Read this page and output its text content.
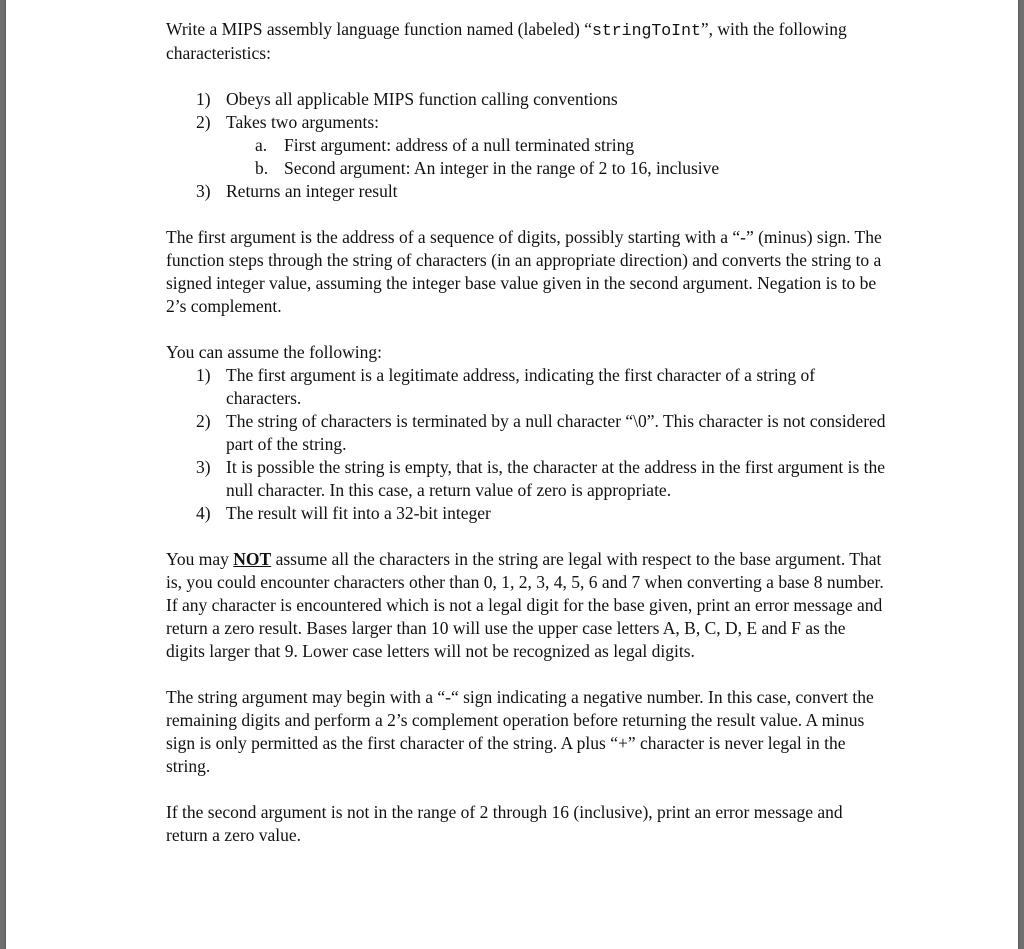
Write a MIPS assembly language function named (labeled) “stringToInt”, with the following characteristics:

1) Obeys all applicable MIPS function calling conventions
2) Takes two arguments:
a. First argument: address of a null terminated string
b. Second argument: An integer in the range of 2 to 16, inclusive
3) Returns an integer result

The first argument is the address of a sequence of digits, possibly starting with a “-” (minus) sign. The function steps through the string of characters (in an appropriate direction) and converts the string to a signed integer value, assuming the integer base value given in the second argument. Negation is to be 2’s complement.

You can assume the following:

1) The first argument is a legitimate address, indicating the first character of a string of characters.
2) The string of characters is terminated by a null character “\0”. This character is not considered part of the string.
3) It is possible the string is empty, that is, the character at the address in the first argument is the null character. In this case, a return value of zero is appropriate.
4) The result will fit into a 32-bit integer

You may NOT assume all the characters in the string are legal with respect to the base argument. That is, you could encounter characters other than 0, 1, 2, 3, 4, 5, 6 and 7 when converting a base 8 number. If any character is encountered which is not a legal digit for the base given, print an error message and return a zero result. Bases larger than 10 will use the upper case letters A, B, C, D, E and F as the digits larger that 9. Lower case letters will not be recognized as legal digits.

The string argument may begin with a “-“ sign indicating a negative number. In this case, convert the remaining digits and perform a 2’s complement operation before returning the result value. A minus sign is only permitted as the first character of the string. A plus “+” character is never legal in the string.

If the second argument is not in the range of 2 through 16 (inclusive), print an error message and return a zero value.
